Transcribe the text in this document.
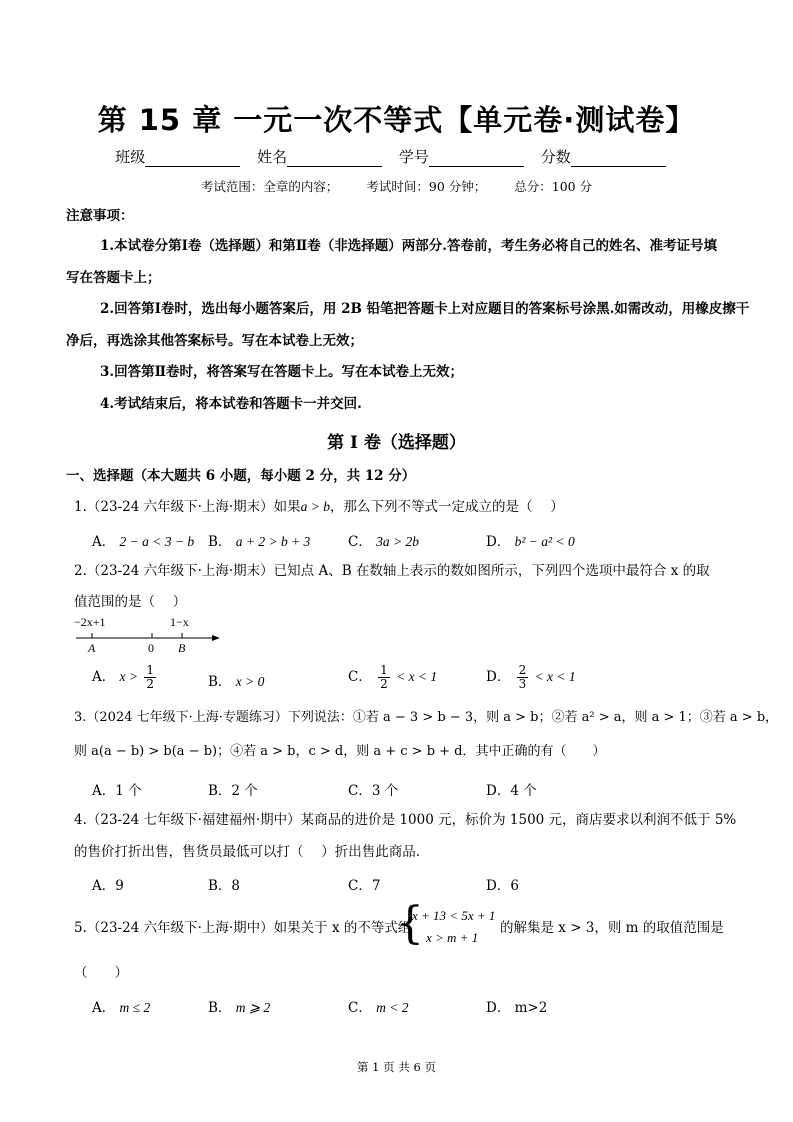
第 15 章 一元一次不等式【单元卷·测试卷】
班级	姓名	学号	分数
考试范围：全章的内容； 考试时间：90 分钟； 总分：100 分
注意事项：
1.本试卷分第Ⅰ卷（选择题）和第Ⅱ卷（非选择题）两部分.答卷前，考生务必将自己的姓名、准考证号填
写在答题卡上；
2.回答第Ⅰ卷时，选出每小题答案后，用 2B 铅笔把答题卡上对应题目的答案标号涂黑.如需改动，用橡皮擦干
净后，再选涂其他答案标号。写在本试卷上无效；
3.回答第Ⅱ卷时，将答案写在答题卡上。写在本试卷上无效；
4.考试结束后，将本试卷和答题卡一并交回.
第 I 卷（选择题）
一、选择题（本大题共 6 小题，每小题 2 分，共 12 分）
1.（23-24 六年级下·上海·期末）如果a > b，那么下列不等式一定成立的是（　 ）
A． 2 − a < 3 − b B． a + 2 > b + 3	C． 3a > 2b	D． b² − a² < 0
2.（23-24 六年级下·上海·期末）已知点 A、B 在数轴上表示的数如图所示，下列四个选项中最符合 x 的取
值范围的是（　 ）
−2x+1	1−x
A	0 B
A． $x > \frac{1}{2}$	B． x > 0	C． $\frac{1}{2} < x < 1$	D． $\frac{2}{3} < x < 1$
3.（2024 七年级下·上海·专题练习）下列说法：①若 a − 3 > b − 3，则 a > b；②若 a² > a，则 a > 1；③若 a > b，
则 a(a − b) > b(a − b)；④若 a > b，c > d，则 a + c > b + d．其中正确的有（　　）
A．1 个	B．2 个	C．3 个	D．4 个
4.（23-24 七年级下·福建福州·期中）某商品的进价是 1000 元，标价为 1500 元，商店要求以利润不低于 5%
的售价打折出售，售货员最低可以打（　 ）折出售此商品.
A．9	B．8	C．7	D．6
5.（23-24 六年级下·上海·期中）如果关于 x 的不等式组
{
x + 13 < 5x + 1
x > m + 1
的解集是 x > 3，则 m 的取值范围是
（　　）
A． m ≤ 2	B． m ⩾ 2	C． m < 2	D． m>2
第 1 页 共 6 页
